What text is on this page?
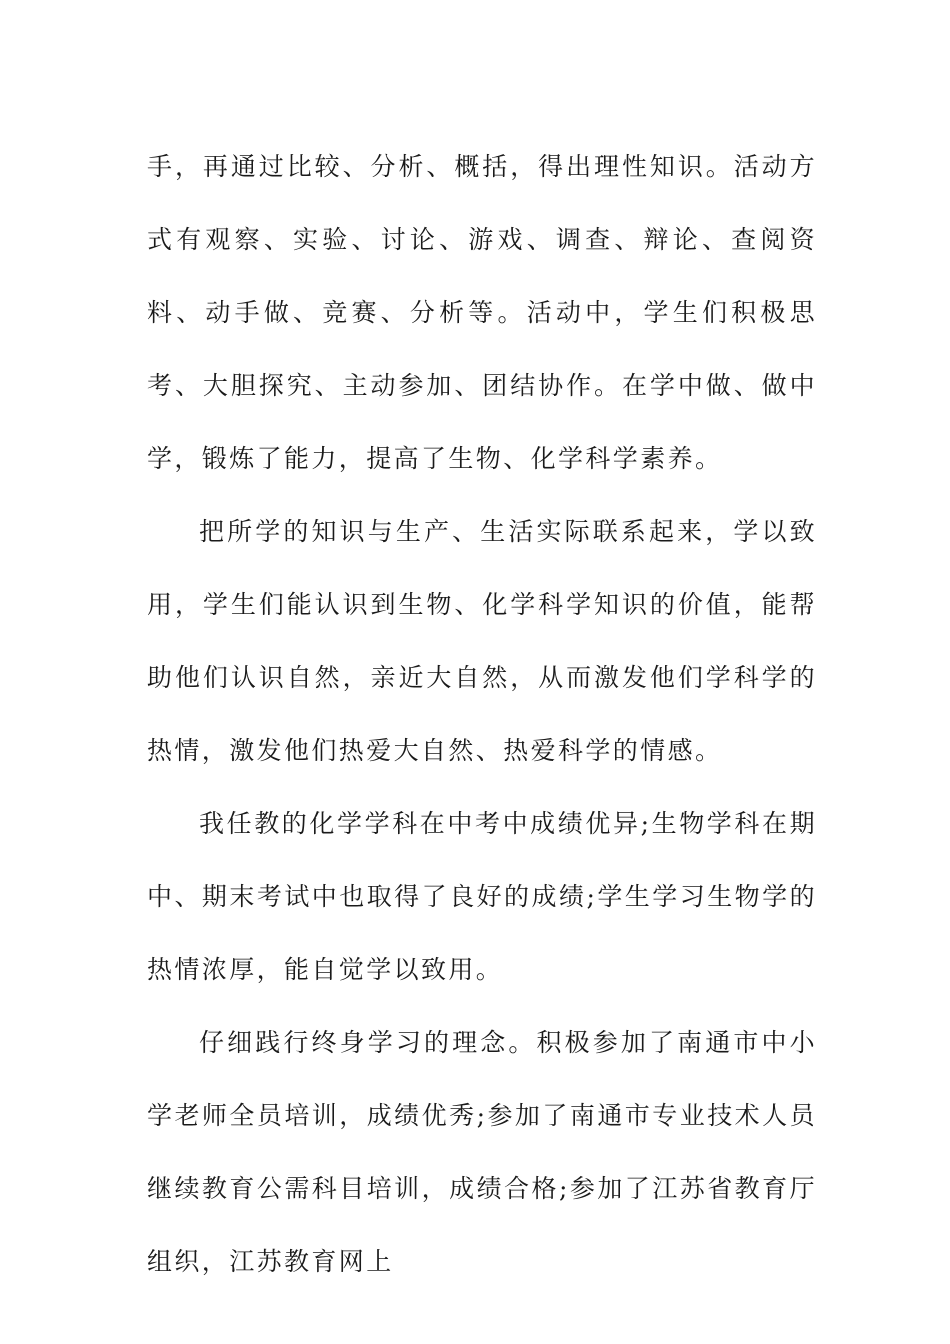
手，再通过比较、分析、概括，得出理性知识。活动方式有观察、实验、讨论、游戏、调查、辩论、查阅资料、动手做、竞赛、分析等。活动中，学生们积极思考、大胆探究、主动参加、团结协作。在学中做、做中学，锻炼了能力，提高了生物、化学科学素养。

把所学的知识与生产、生活实际联系起来，学以致用，学生们能认识到生物、化学科学知识的价值，能帮助他们认识自然，亲近大自然，从而激发他们学科学的热情，激发他们热爱大自然、热爱科学的情感。

我任教的化学学科在中考中成绩优异;生物学科在期中、期末考试中也取得了良好的成绩;学生学习生物学的热情浓厚，能自觉学以致用。

仔细践行终身学习的理念。积极参加了南通市中小学老师全员培训，成绩优秀;参加了南通市专业技术人员继续教育公需科目培训，成绩合格;参加了江苏省教育厅组织，江苏教育网上
